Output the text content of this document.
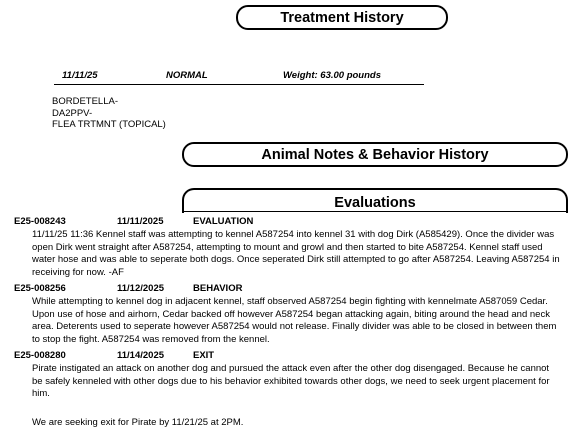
Treatment History
11/11/25	NORMAL	Weight: 63.00 pounds
BORDETELLA-
DA2PPV-
FLEA TRTMNT (TOPICAL)
Animal Notes & Behavior History
Evaluations
E25-008243	11/11/2025	EVALUATION
11/11/25 11:36 Kennel staff was attempting to kennel A587254 into kennel 31 with dog Dirk (A585429). Once the divider was open Dirk went straight after A587254, attempting to mount and growl and then started to bite A587254. Kennel staff used water hose and was able to seperate both dogs. Once seperated Dirk still attempted to go after A587254. Leaving A587254 in receiving for now. -AF
E25-008256	11/12/2025	BEHAVIOR
While attempting to kennel dog in adjacent kennel, staff observed A587254 begin fighting with kennelmate A587059 Cedar. Upon use of hose and airhorn, Cedar backed off however A587254 began attacking again, biting around the head and neck area. Deterents used to seperate however A587254 would not release. Finally divider was able to be closed in between them to stop the fight. A587254 was removed from the kennel.
E25-008280	11/14/2025	EXIT
Pirate instigated an attack on another dog and pursued the attack even after the other dog disengaged. Because he cannot be safely kenneled with other dogs due to his behavior exhibited towards other dogs, we need to seek urgent placement for him.
We are seeking exit for Pirate by 11/21/25 at 2PM.
